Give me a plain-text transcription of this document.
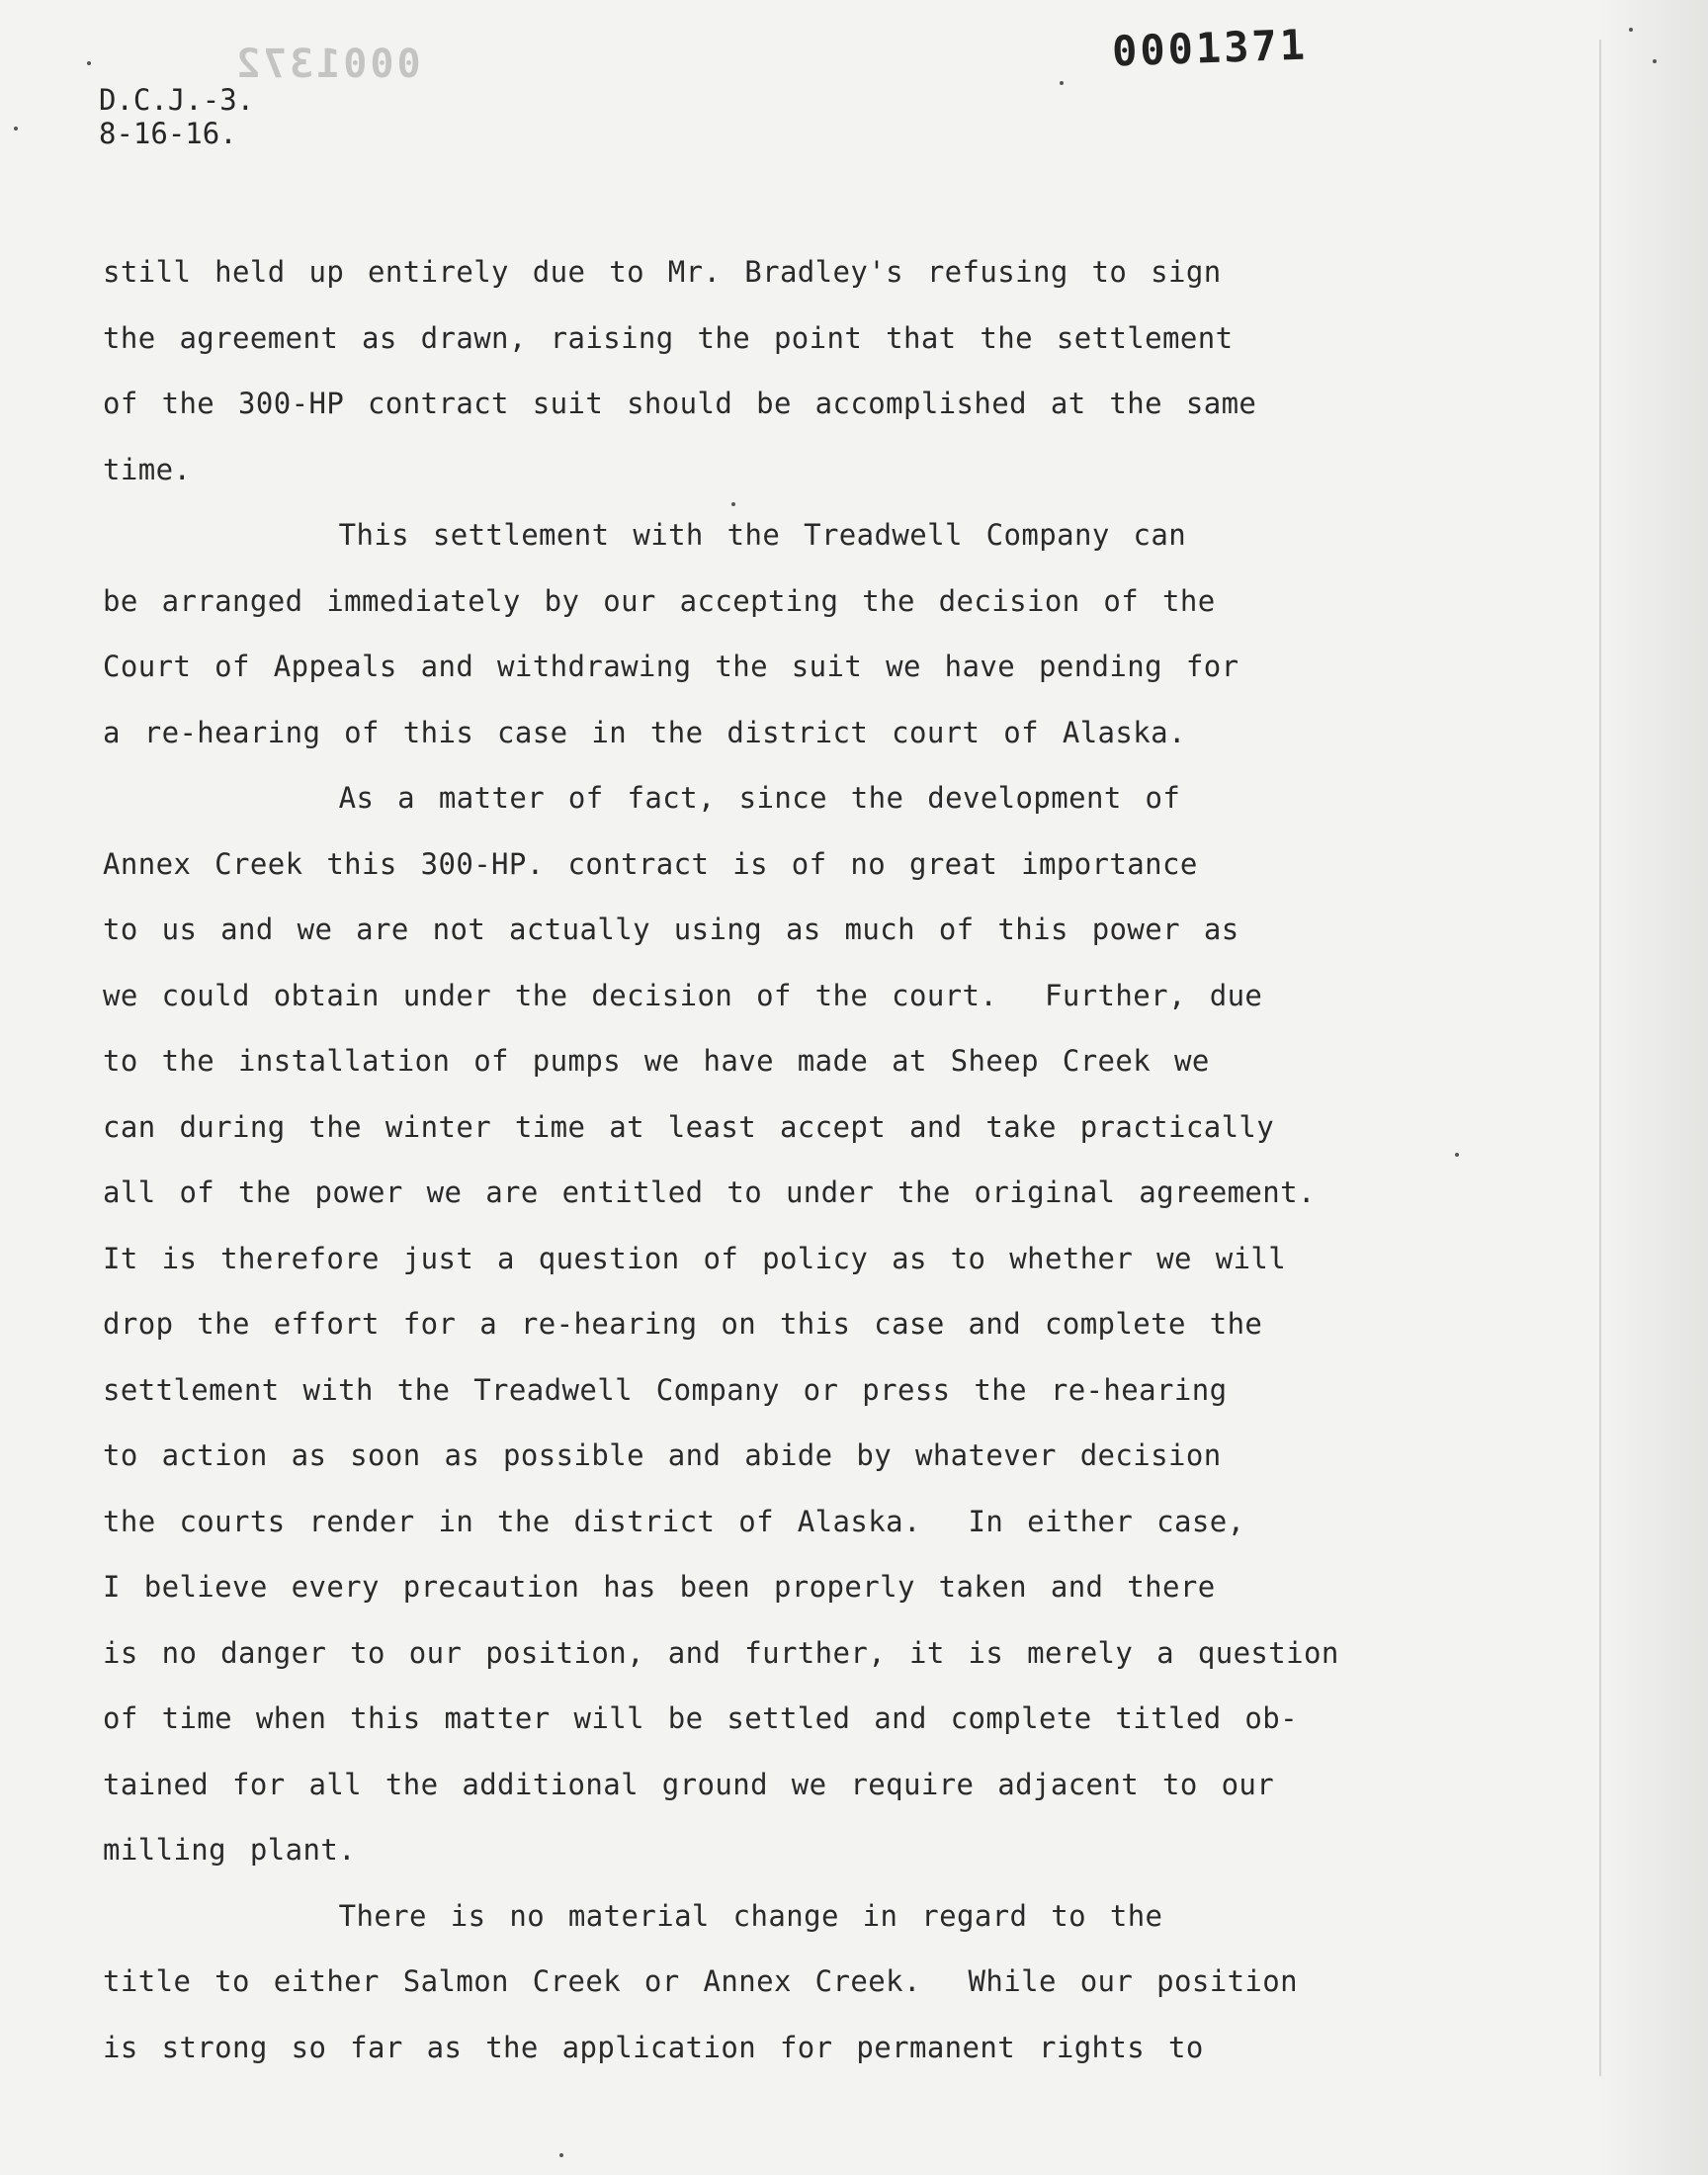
0001372	0001371
D.C.J.-3.
8-16-16.
still held up entirely due to Mr. Bradley's refusing to sign
the agreement as drawn, raising the point that the settlement
of the 300-HP contract suit should be accomplished at the same
time.
This settlement with the Treadwell Company can
be arranged immediately by our accepting the decision of the
Court of Appeals and withdrawing the suit we have pending for
a re-hearing of this case in the district court of Alaska.
As a matter of fact, since the development of
Annex Creek this 300-HP. contract is of no great importance
to us and we are not actually using as much of this power as
we could obtain under the decision of the court.  Further, due
to the installation of pumps we have made at Sheep Creek we
can during the winter time at least accept and take practically
all of the power we are entitled to under the original agreement.
It is therefore just a question of policy as to whether we will
drop the effort for a re-hearing on this case and complete the
settlement with the Treadwell Company or press the re-hearing
to action as soon as possible and abide by whatever decision
the courts render in the district of Alaska.  In either case,
I believe every precaution has been properly taken and there
is no danger to our position, and further, it is merely a question
of time when this matter will be settled and complete titled ob-
tained for all the additional ground we require adjacent to our
milling plant.
There is no material change in regard to the
title to either Salmon Creek or Annex Creek.  While our position
is strong so far as the application for permanent rights to
